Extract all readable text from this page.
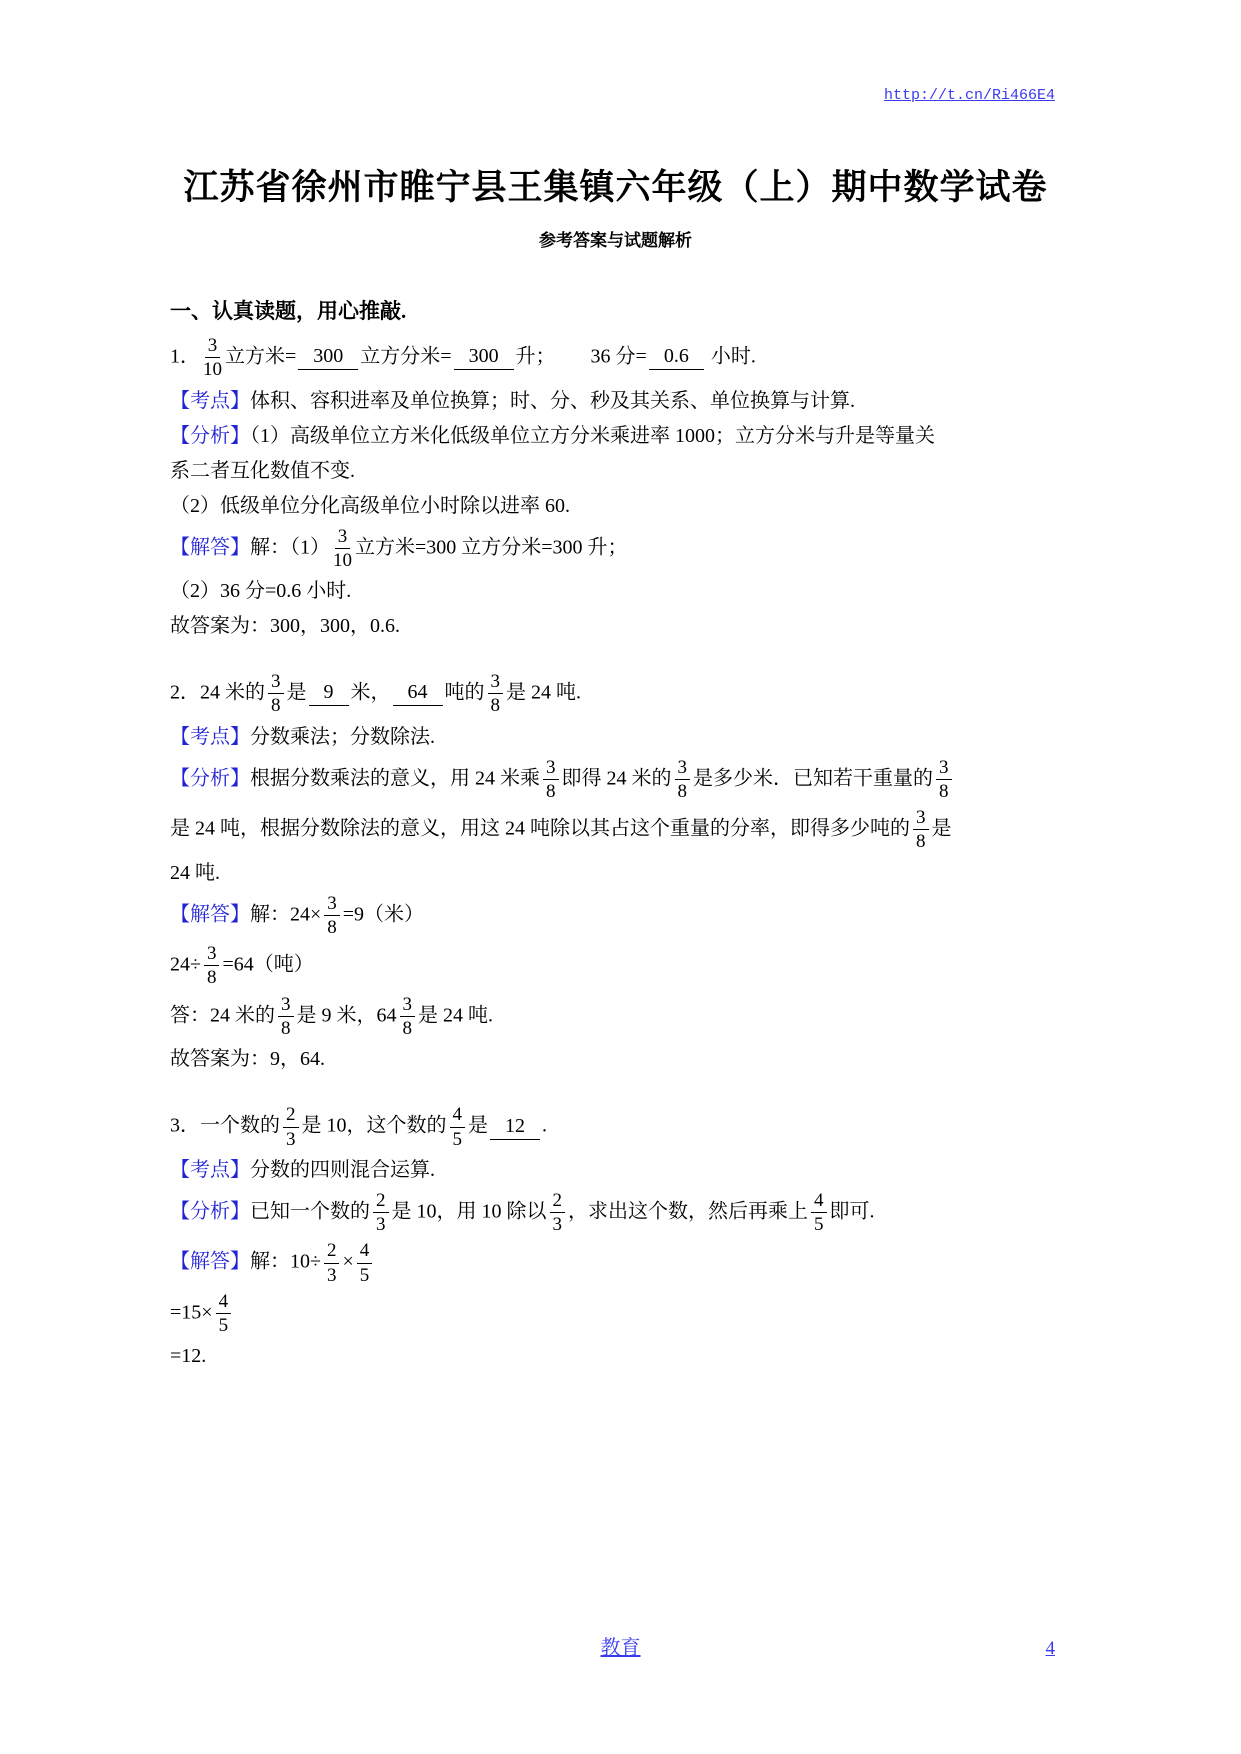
http://t.cn/Ri466E4
江苏省徐州市睢宁县王集镇六年级（上）期中数学试卷
参考答案与试题解析
一、认真读题，用心推敲.
1． $\frac{3}{10}$ 立方米= 300 立方分米= 300 升；　　 36 分= 0.6 小时.
【考点】体积、容积进率及单位换算；时、分、秒及其关系、单位换算与计算.
【分析】（1）高级单位立方米化低级单位立方分米乘进率 1000；立方分米与升是等量关
系二者互化数值不变.
（2）低级单位分化高级单位小时除以进率 60.
【解答】解：$(1) \frac{3}{10}$ 立方米=300 立方分米=300 升；
（2）36 分=0.6 小时.
故答案为：300，300，0.6.
2．24 米的 $\frac{3}{8}$ 是 9 米， 64 吨的 $\frac{3}{8}$ 是 24 吨.
【考点】分数乘法；分数除法.
【分析】根据分数乘法的意义，用 24 米乘 $\frac{3}{8}$ 即得 24 米的 $\frac{3}{8}$ 是多少米．已知若干重量的 $\frac{3}{8}$
是 24 吨，根据分数除法的意义，用这 24 吨除以其占这个重量的分率，即得多少吨的 $\frac{3}{8}$ 是
24 吨.
【解答】解：$24\times \frac{3}{8} =9$（米）
$24\div \frac{3}{8} =64$（吨）
答：24 米的 $\frac{3}{8}$ 是 9 米，$64 \frac{3}{8}$ 是 24 吨.
故答案为：9，64.
3．一个数的 $\frac{2}{3}$ 是 10，这个数的 $\frac{4}{5}$ 是 12 .
【考点】分数的四则混合运算.
【分析】已知一个数的 $\frac{2}{3}$ 是 10，用 10 除以 $\frac{2}{3}$ ，求出这个数，然后再乘上 $\frac{4}{5}$ 即可.
【解答】解：$10\div \frac{2}{3} \times \frac{4}{5}$
$=15\times \frac{4}{5}$
=12.
教育	4
